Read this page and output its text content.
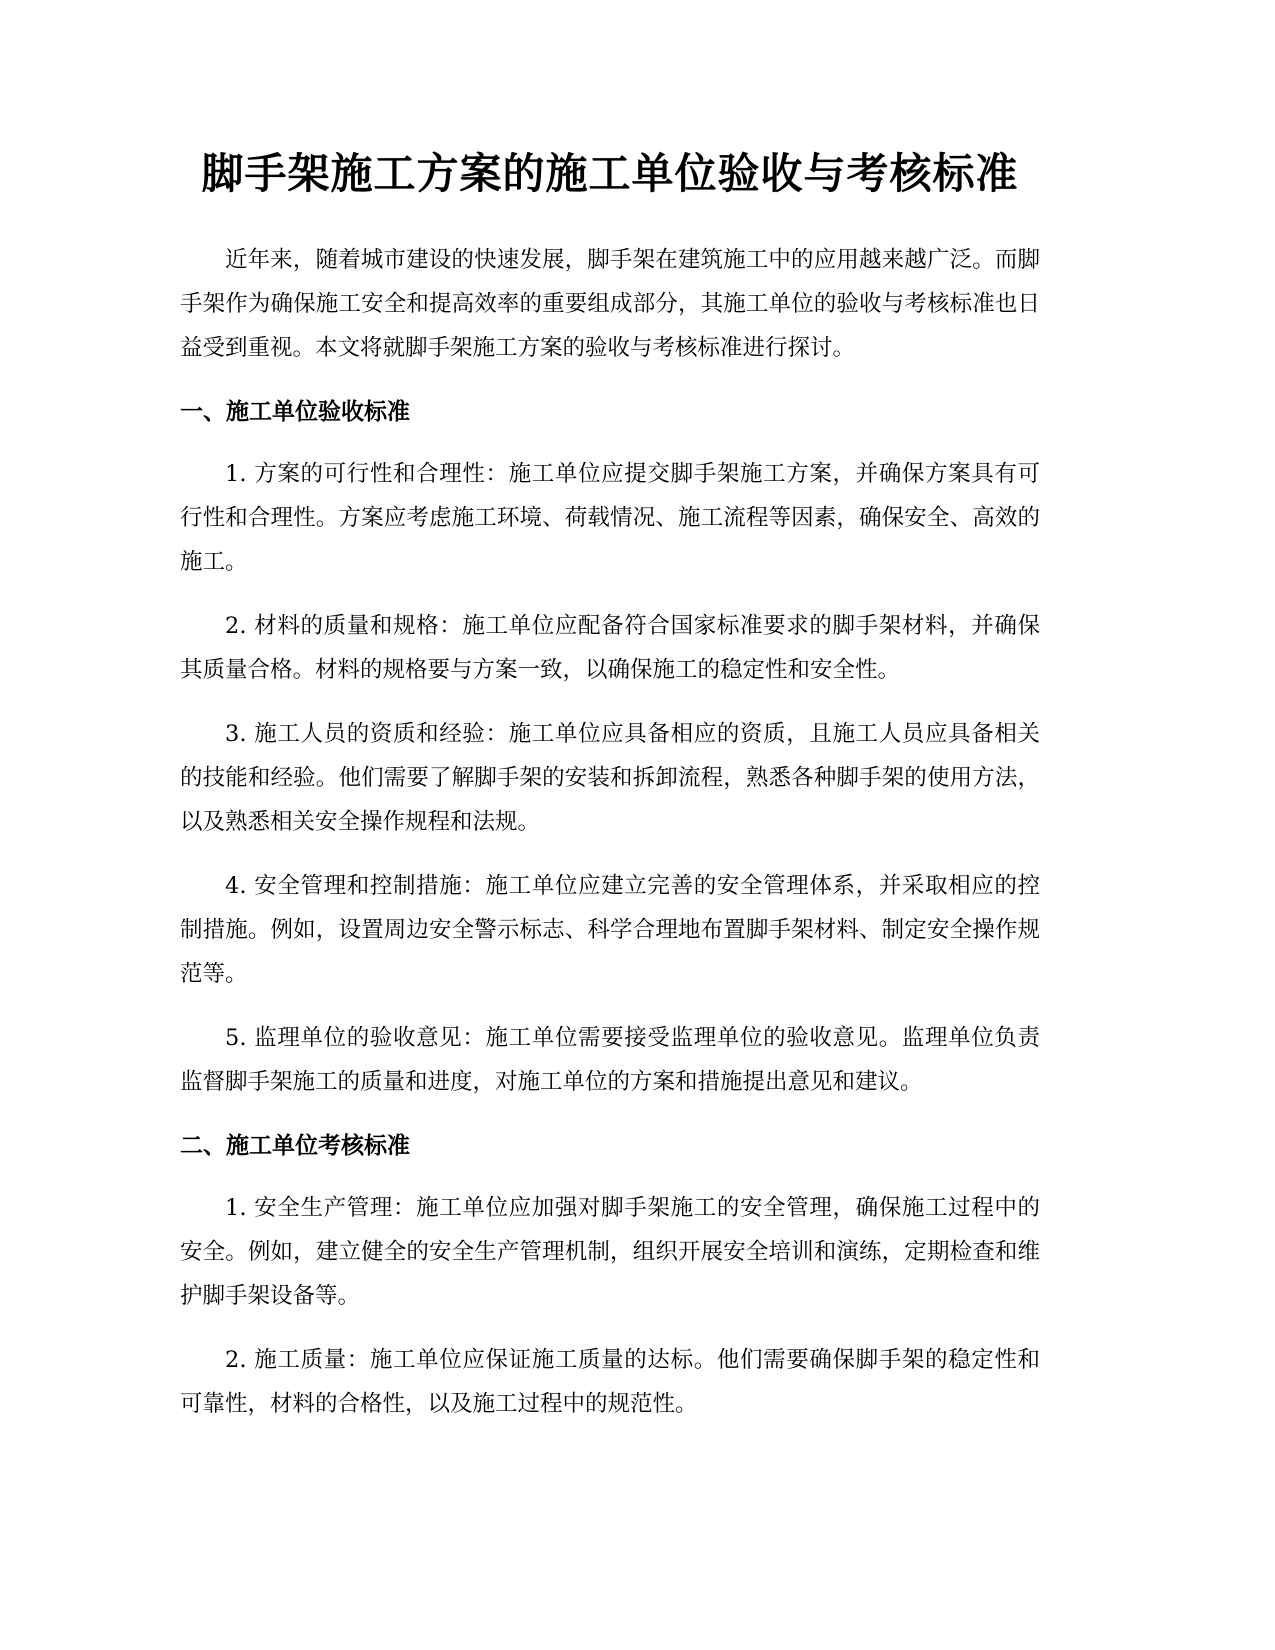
脚手架施工方案的施工单位验收与考核标准

近年来，随着城市建设的快速发展，脚手架在建筑施工中的应用越来越广泛。而脚手架作为确保施工安全和提高效率的重要组成部分，其施工单位的验收与考核标准也日益受到重视。本文将就脚手架施工方案的验收与考核标准进行探讨。

一、施工单位验收标准

1. 方案的可行性和合理性：施工单位应提交脚手架施工方案，并确保方案具有可行性和合理性。方案应考虑施工环境、荷载情况、施工流程等因素，确保安全、高效的施工。

2. 材料的质量和规格：施工单位应配备符合国家标准要求的脚手架材料，并确保其质量合格。材料的规格要与方案一致，以确保施工的稳定性和安全性。

3. 施工人员的资质和经验：施工单位应具备相应的资质，且施工人员应具备相关的技能和经验。他们需要了解脚手架的安装和拆卸流程，熟悉各种脚手架的使用方法，以及熟悉相关安全操作规程和法规。

4. 安全管理和控制措施：施工单位应建立完善的安全管理体系，并采取相应的控制措施。例如，设置周边安全警示标志、科学合理地布置脚手架材料、制定安全操作规范等。

5. 监理单位的验收意见：施工单位需要接受监理单位的验收意见。监理单位负责监督脚手架施工的质量和进度，对施工单位的方案和措施提出意见和建议。

二、施工单位考核标准

1. 安全生产管理：施工单位应加强对脚手架施工的安全管理，确保施工过程中的安全。例如，建立健全的安全生产管理机制，组织开展安全培训和演练，定期检查和维护脚手架设备等。

2. 施工质量：施工单位应保证施工质量的达标。他们需要确保脚手架的稳定性和可靠性，材料的合格性，以及施工过程中的规范性。
